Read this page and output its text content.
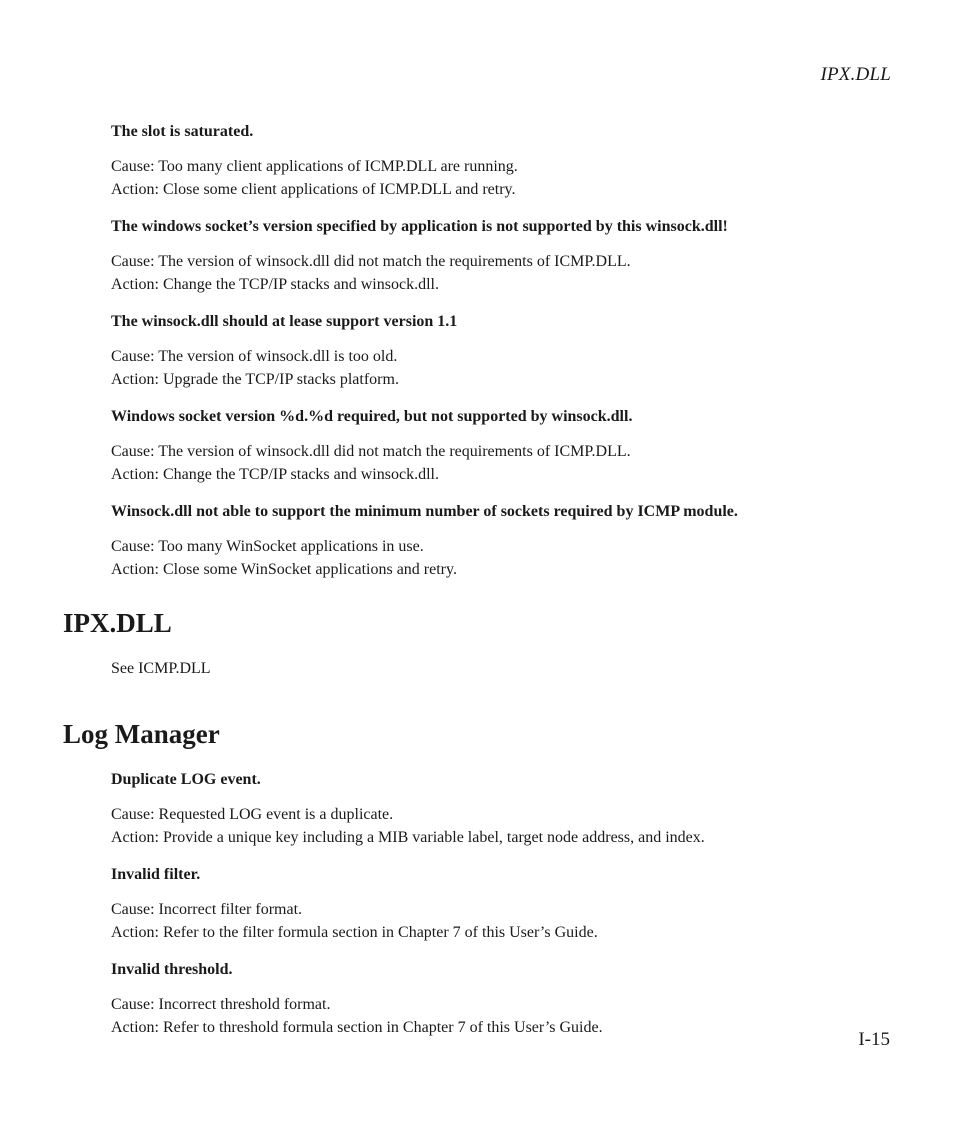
IPX.DLL

The slot is saturated.

Cause: Too many client applications of ICMP.DLL are running.

Action: Close some client applications of ICMP.DLL and retry.

The windows socket’s version specified by application is not supported by this winsock.dll!

Cause: The version of winsock.dll did not match the requirements of ICMP.DLL.

Action: Change the TCP/IP stacks and winsock.dll.

The winsock.dll should at lease support version 1.1

Cause: The version of winsock.dll is too old.

Action: Upgrade the TCP/IP stacks platform.

Windows socket version %d.%d required, but not supported by winsock.dll.

Cause: The version of winsock.dll did not match the requirements of ICMP.DLL.

Action: Change the TCP/IP stacks and winsock.dll.

Winsock.dll not able to support the minimum number of sockets required by ICMP module.

Cause: Too many WinSocket applications in use.

Action: Close some WinSocket applications and retry.

IPX.DLL
See ICMP.DLL
Log Manager

Duplicate LOG event.

Cause: Requested LOG event is a duplicate.

Action: Provide a unique key including a MIB variable label, target node address, and index.

Invalid filter.

Cause: Incorrect filter format.

Action: Refer to the filter formula section in Chapter 7 of this User’s Guide.

Invalid threshold.

Cause: Incorrect threshold format.

Action: Refer to threshold formula section in Chapter 7 of this User’s Guide.

I-15
